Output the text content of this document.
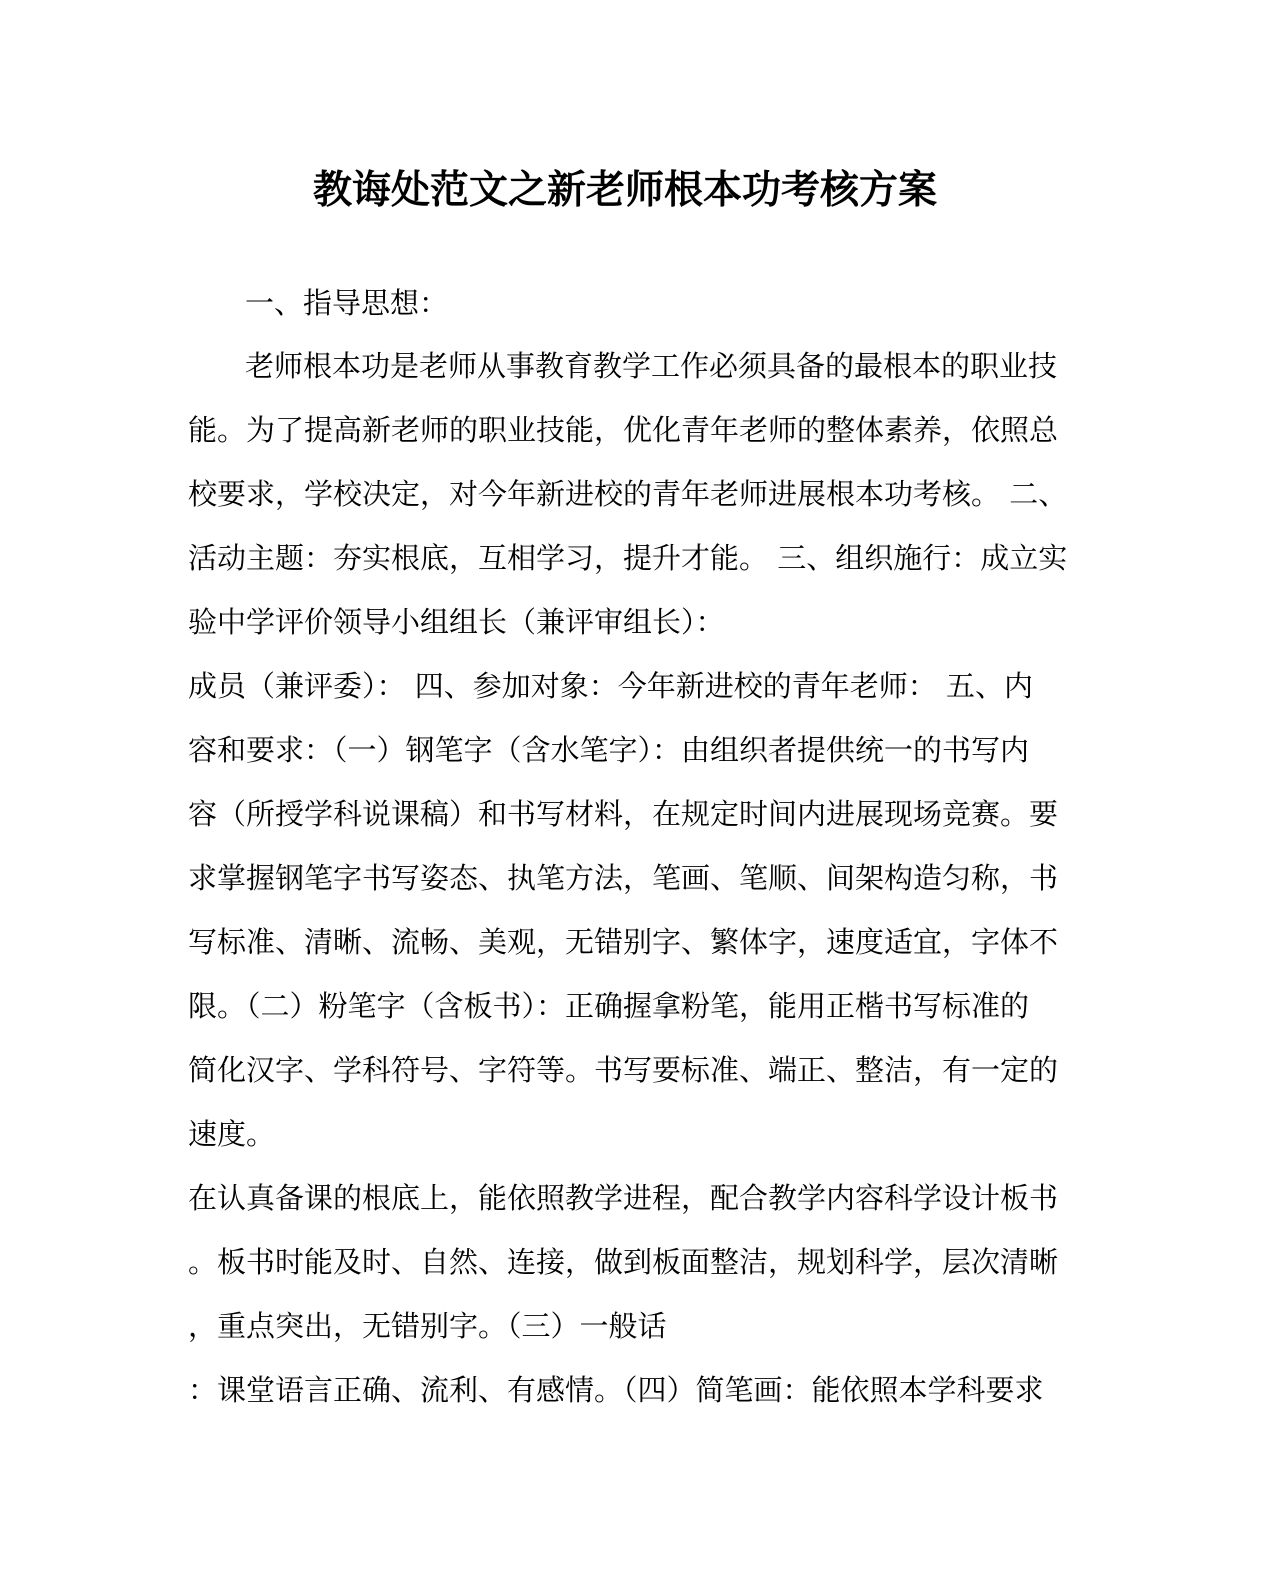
教诲处范文之新老师根本功考核方案
一、指导思想：
老师根本功是老师从事教育教学工作必须具备的最根本的职业技
能。为了提高新老师的职业技能，优化青年老师的整体素养，依照总
校要求，学校决定，对今年新进校的青年老师进展根本功考核。 二、
活动主题：夯实根底，互相学习，提升才能。 三、组织施行：成立实
验中学评价领导小组组长（兼评审组长）：
成员（兼评委）： 四、参加对象：今年新进校的青年老师： 五、内
容和要求：（一）钢笔字（含水笔字）：由组织者提供统一的书写内
容（所授学科说课稿）和书写材料，在规定时间内进展现场竞赛。要
求掌握钢笔字书写姿态、执笔方法，笔画、笔顺、间架构造匀称，书
写标准、清晰、流畅、美观，无错别字、繁体字，速度适宜，字体不
限。（二）粉笔字（含板书）：正确握拿粉笔，能用正楷书写标准的
简化汉字、学科符号、字符等。书写要标准、端正、整洁，有一定的
速度。
在认真备课的根底上，能依照教学进程，配合教学内容科学设计板书
。板书时能及时、自然、连接，做到板面整洁，规划科学，层次清晰
，重点突出，无错别字。（三）一般话
：课堂语言正确、流利、有感情。（四）简笔画：能依照本学科要求
